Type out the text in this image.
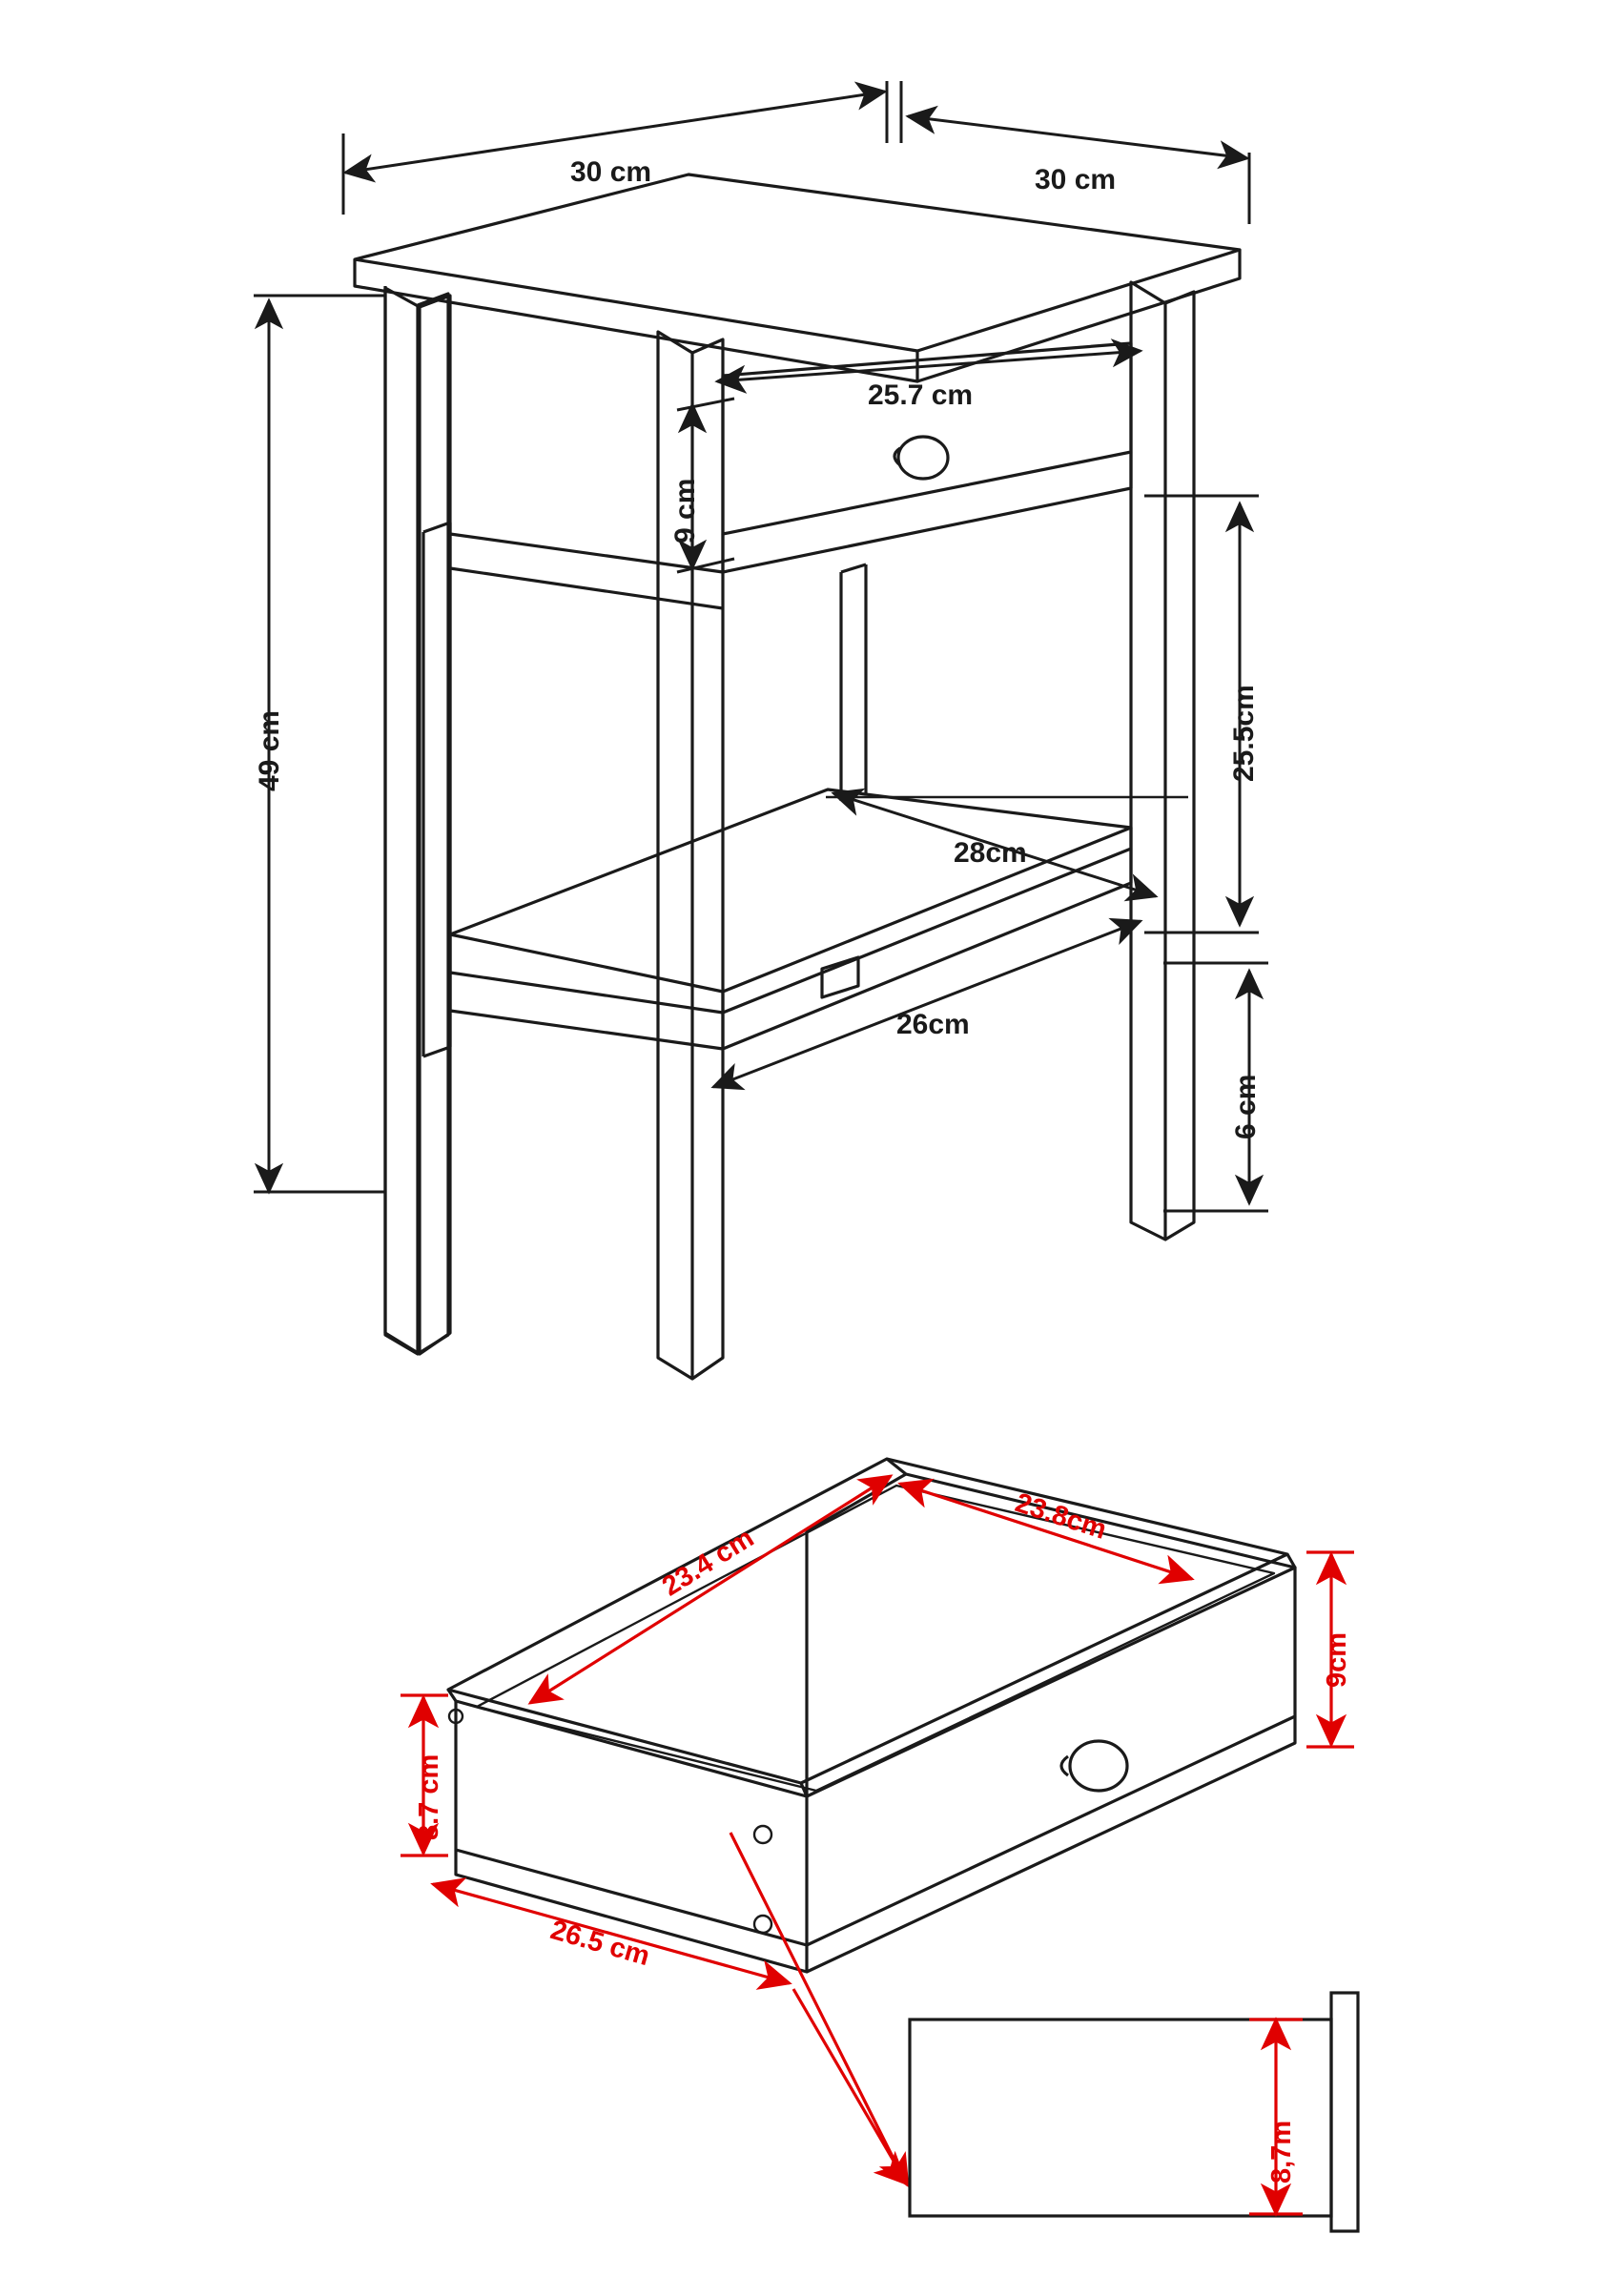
30 cm	30 cm
25.7 cm
9 cm
49 cm
28cm
26cm
25.5cm
6 cm
23.4 cm
23.8cm
9cm
8.7 cm
26.5 cm
8,7m
